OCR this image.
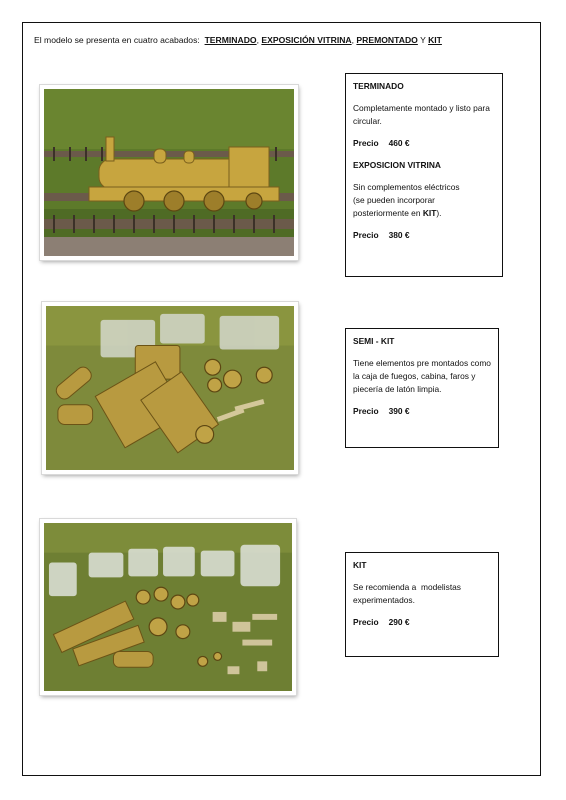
El modelo se presenta en cuatro acabados: TERMINADO, EXPOSICIÓN VITRINA, PREMONTADO Y KIT
TERMINADO
Completamente montado y listo para circular.
Precio 460 €
EXPOSICION VITRINA
Sin complementos eléctricos
(se pueden incorporar
posteriormente en KIT).
Precio 380 €
SEMI - KIT
Tiene elementos pre montados como la caja de fuegos, cabina, faros y piecería de latón limpia.
Precio 390 €
KIT
Se recomienda a  modelistas experimentados.
Precio 290 €
